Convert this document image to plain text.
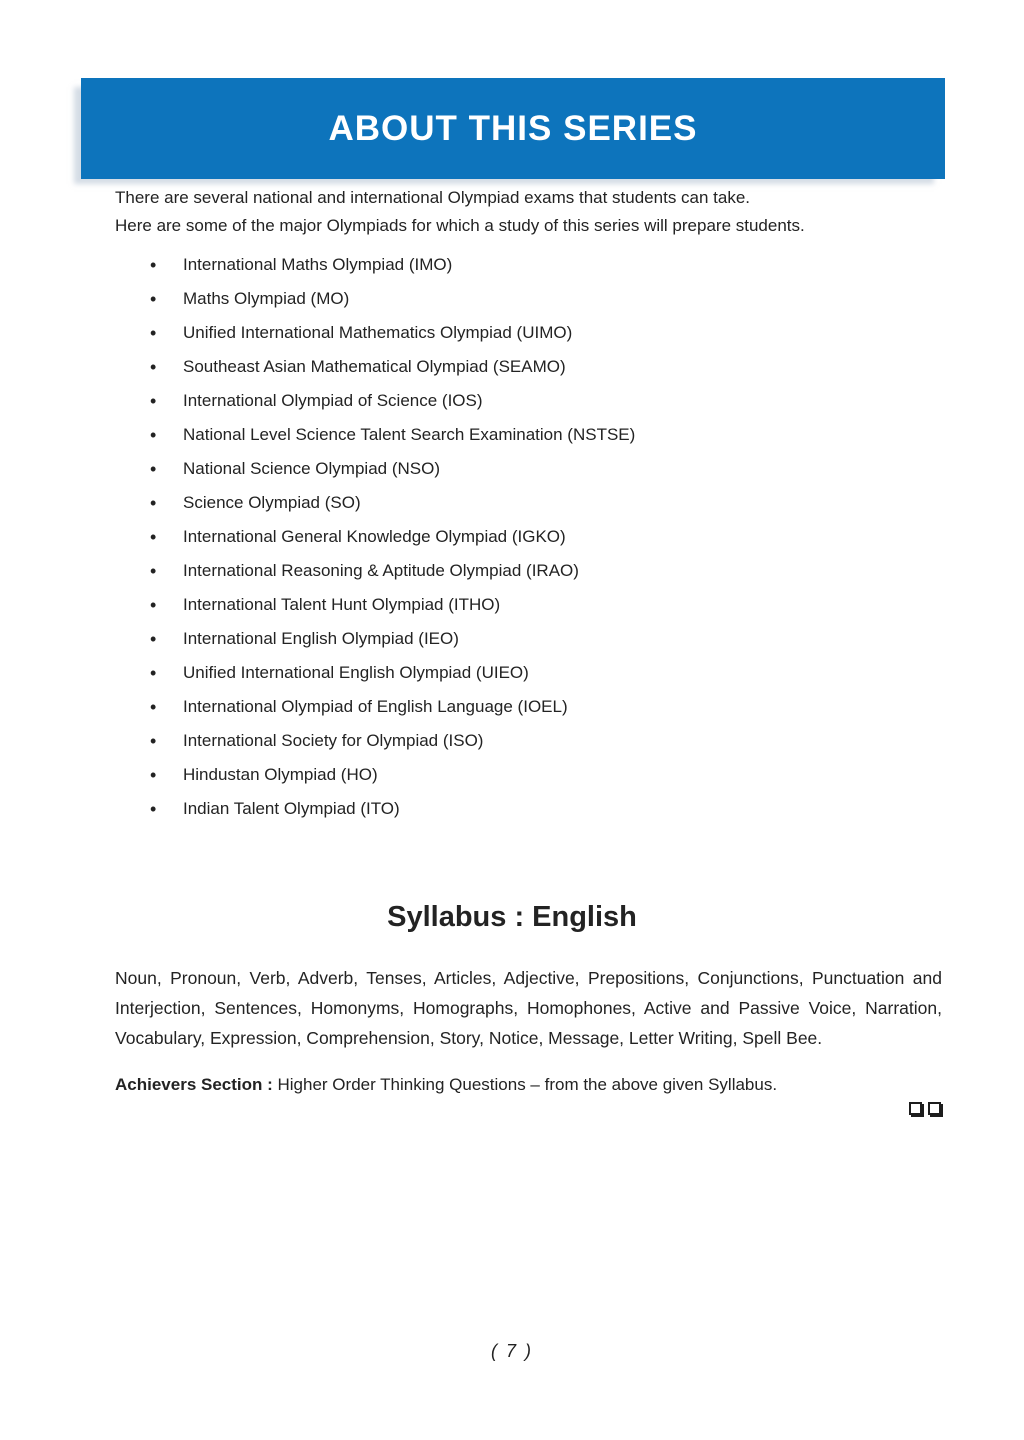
ABOUT THIS SERIES

There are several national and international Olympiad exams that students can take.

Here are some of the major Olympiads for which a study of this series will prepare students.

• International Maths Olympiad (IMO)
• Maths Olympiad (MO)
• Unified International Mathematics Olympiad (UIMO)
• Southeast Asian Mathematical Olympiad (SEAMO)
• International Olympiad of Science (IOS)
• National Level Science Talent Search Examination (NSTSE)
• National Science Olympiad (NSO)
• Science Olympiad (SO)
• International General Knowledge Olympiad (IGKO)
• International Reasoning & Aptitude Olympiad (IRAO)
• International Talent Hunt Olympiad (ITHO)
• International English Olympiad (IEO)
• Unified International English Olympiad (UIEO)
• International Olympiad of English Language (IOEL)
• International Society for Olympiad (ISO)
• Hindustan Olympiad (HO)
• Indian Talent Olympiad (ITO)
Syllabus : English

Noun, Pronoun, Verb, Adverb, Tenses, Articles, Adjective, Prepositions, Conjunctions, Punctuation and Interjection, Sentences, Homonyms, Homographs, Homophones, Active and Passive Voice, Narration, Vocabulary, Expression, Comprehension, Story, Notice, Message, Letter Writing, Spell Bee.

Achievers Section : Higher Order Thinking Questions – from the above given Syllabus.

( 7 )
